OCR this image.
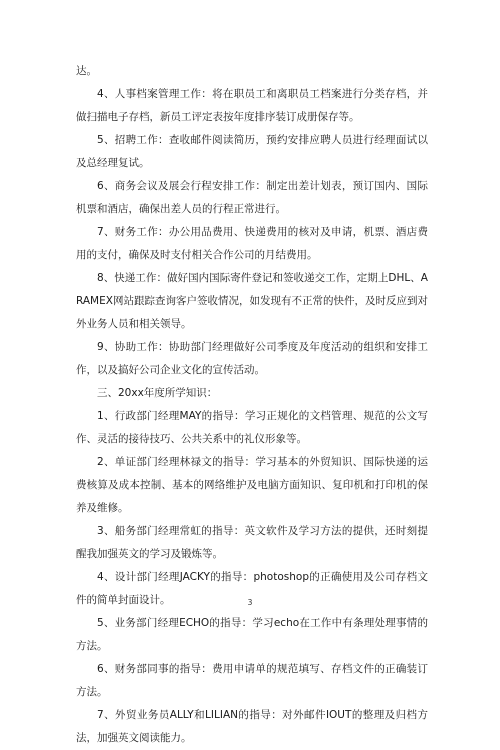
达。

4、人事档案管理工作：将在职员工和离职员工档案进行分类存档，并做扫描电子存档，新员工评定表按年度排序装订成册保存等。

5、招聘工作：查收邮件阅读简历，预约安排应聘人员进行经理面试以及总经理复试。

6、商务会议及展会行程安排工作：制定出差计划表，预订国内、国际机票和酒店，确保出差人员的行程正常进行。

7、财务工作：办公用品费用、快递费用的核对及申请，机票、酒店费用的支付，确保及时支付相关合作公司的月结费用。

8、快递工作：做好国内国际寄件登记和签收递交工作，定期上DHL、ARAMEX网站跟踪查询客户签收情况，如发现有不正常的快件，及时反应到对外业务人员和相关领导。

9、协助工作：协助部门经理做好公司季度及年度活动的组织和安排工作，以及搞好公司企业文化的宣传活动。

三、20xx年度所学知识：

1、行政部门经理MAY的指导：学习正规化的文档管理、规范的公文写作、灵活的接待技巧、公共关系中的礼仪形象等。

2、单证部门经理林禄文的指导：学习基本的外贸知识、国际快递的运费核算及成本控制、基本的网络维护及电脑方面知识、复印机和打印机的保养及维修。

3、船务部门经理常虹的指导：英文软件及学习方法的提供，还时刻提醒我加强英文的学习及锻炼等。

4、设计部门经理JACKY的指导：photoshop的正确使用及公司存档文件的简单封面设计。

5、业务部门经理ECHO的指导：学习echo在工作中有条理处理事情的方法。

6、财务部同事的指导：费用申请单的规范填写、存档文件的正确装订方法。

7、外贸业务员ALLY和LILIAN的指导：对外邮件IOUT的整理及归档方法，加强英文阅读能力。

3
